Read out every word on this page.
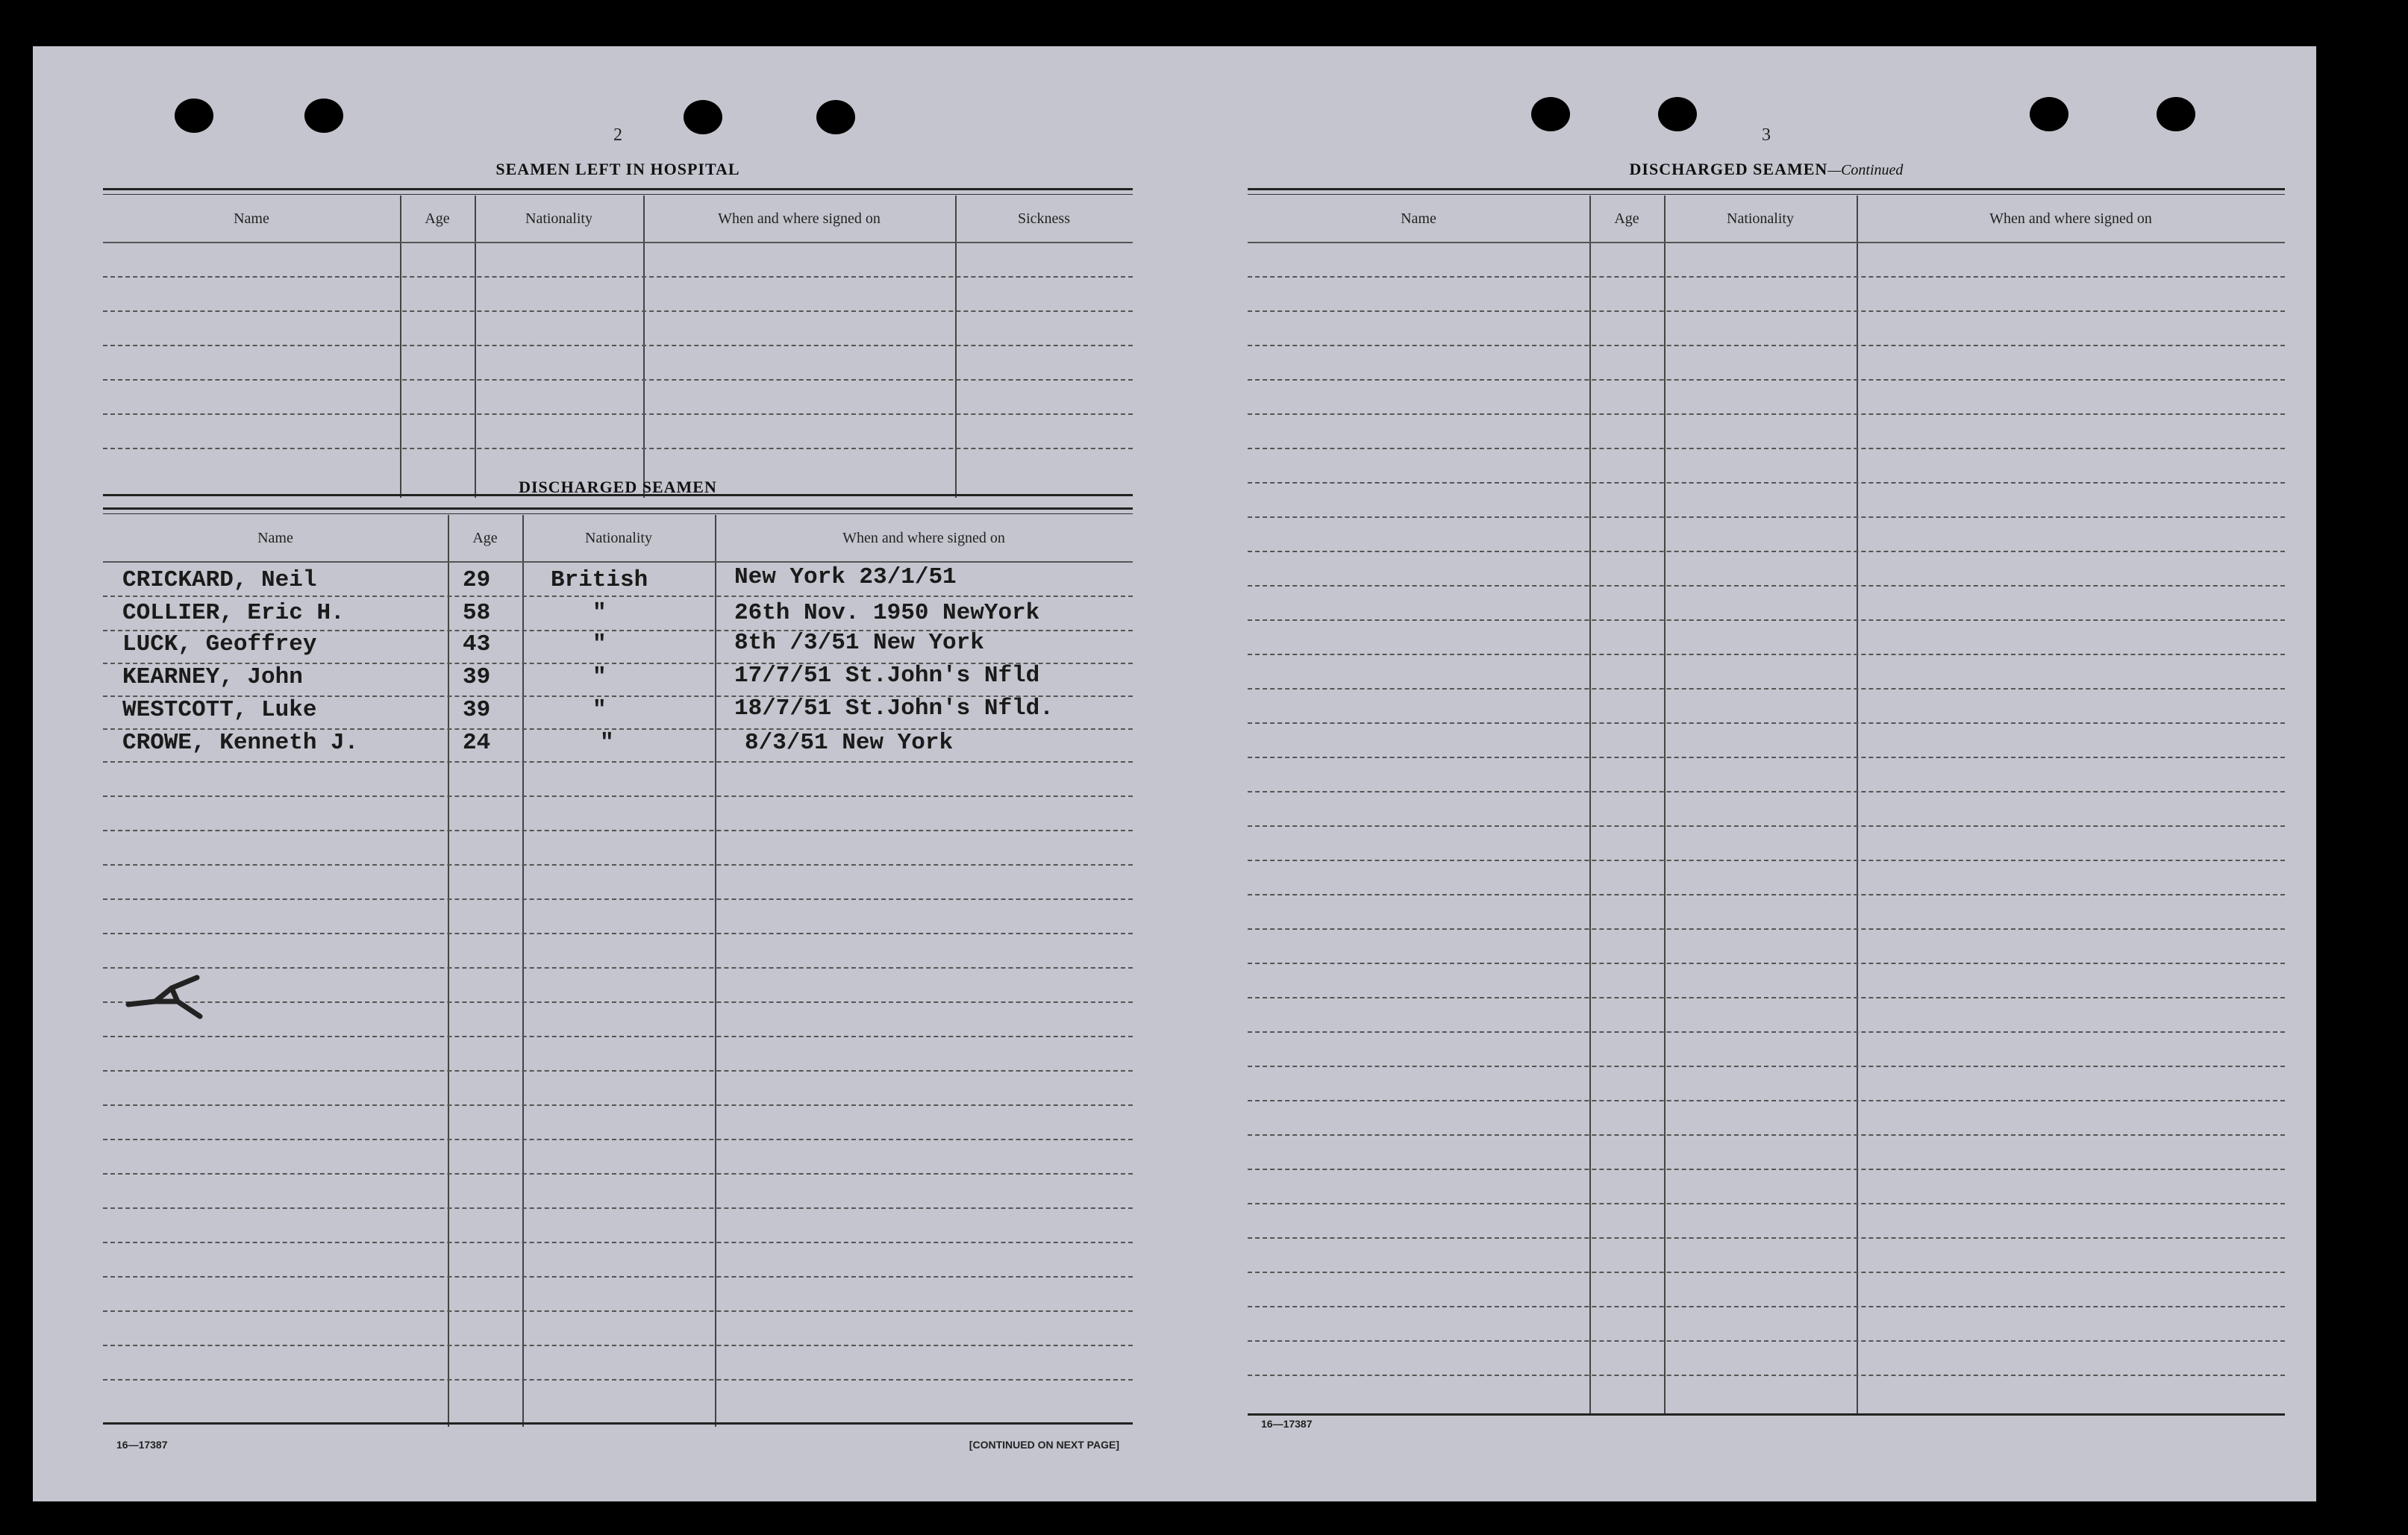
2
SEAMEN LEFT IN HOSPITAL
Name	Age	Nationality	When and where signed on	Sickness
DISCHARGED SEAMEN
Name	Age	Nationality	When and where signed on
CRICKARD, Neil	29	British	New York 23/1/51
COLLIER, Eric H.	58	"	26th Nov. 1950 NewYork
LUCK, Geoffrey	43	"	8th /3/51 New York
KEARNEY, John	39	"	17/7/51 St.John's Nfld
WESTCOTT, Luke	39	"	18/7/51 St.John's Nfld.
CROWE, Kenneth J.	24	"	8/3/51 New York
16—17387	[CONTINUED ON NEXT PAGE]
3
DISCHARGED SEAMEN—Continued
Name	Age	Nationality	When and where signed on
16—17387
